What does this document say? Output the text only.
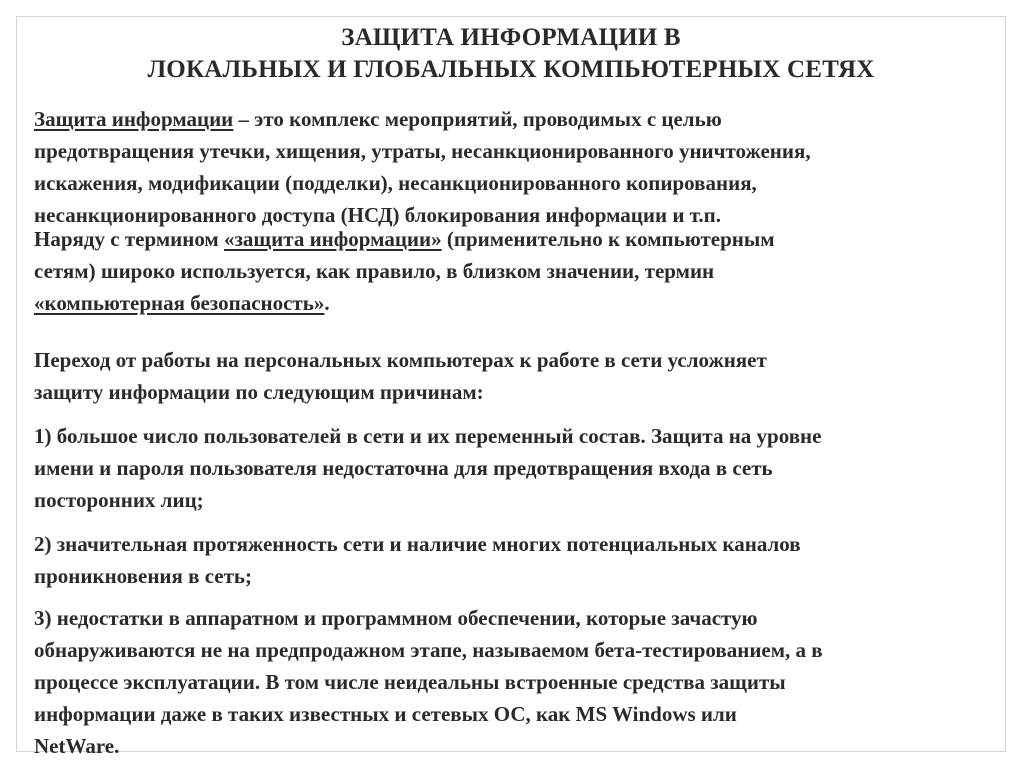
ЗАЩИТА ИНФОРМАЦИИ В
ЛОКАЛЬНЫХ И ГЛОБАЛЬНЫХ КОМПЬЮТЕРНЫХ СЕТЯХ
Защита информации – это комплекс мероприятий, проводимых с целью
предотвращения утечки, хищения, утраты, несанкционированного уничтожения,
искажения, модификации (подделки), несанкционированного копирования,
несанкционированного доступа (НСД) блокирования информации и т.п.
Наряду с термином «защита информации» (применительно к компьютерным
сетям) широко используется, как правило, в близком значении, термин
«компьютерная безопасность».
Переход от работы на персональных компьютерах к работе в сети усложняет
защиту информации по следующим причинам:
1) большое число пользователей в сети и их переменный состав. Защита на уровне
имени и пароля пользователя недостаточна для предотвращения входа в сеть
посторонних лиц;
2) значительная протяженность сети и наличие многих потенциальных каналов
проникновения в сеть;
3) недостатки в аппаратном и программном обеспечении, которые зачастую
обнаруживаются не на предпродажном этапе, называемом бета-тестированием, а в
процессе эксплуатации. В том числе неидеальны встроенные средства защиты
информации даже в таких известных и сетевых ОС, как MS Windows или
NetWare.
